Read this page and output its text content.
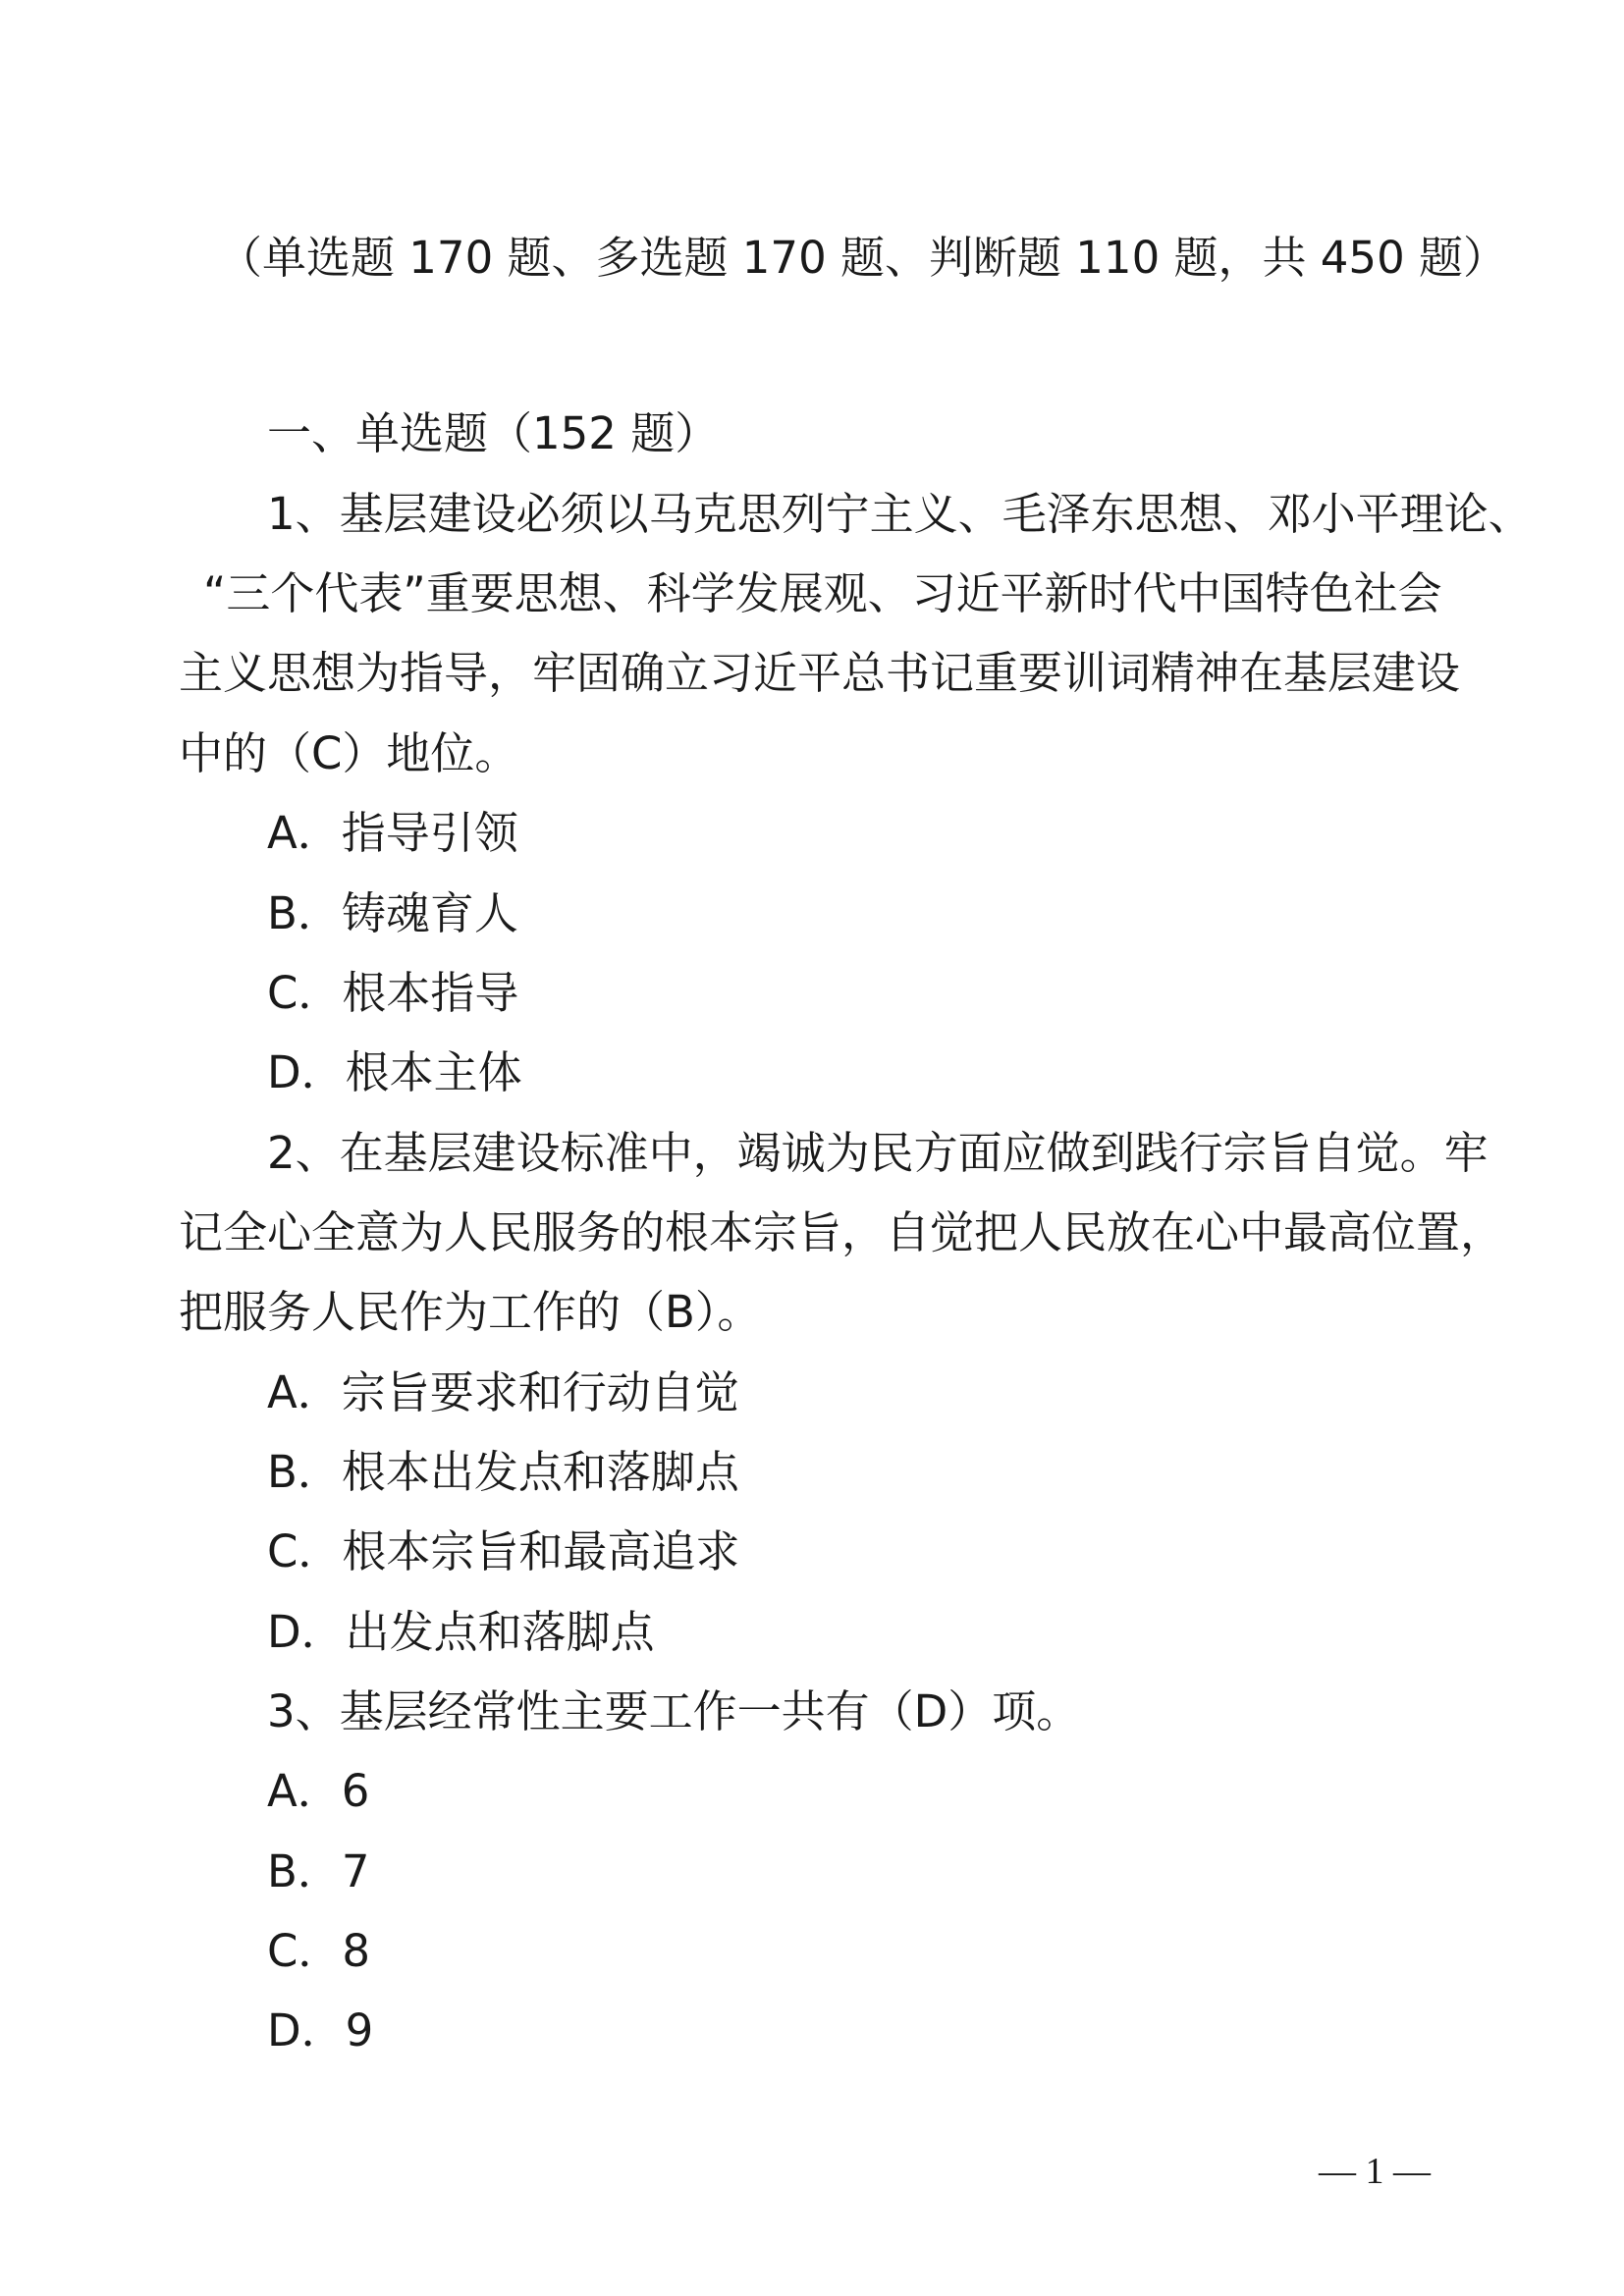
（单选题 170 题、多选题 170 题、判断题 110 题，共 450 题）
一、单选题（152 题）
1、基层建设必须以马克思列宁主义、毛泽东思想、邓小平理论、
“三个代表”重要思想、科学发展观、习近平新时代中国特色社会
主义思想为指导，牢固确立习近平总书记重要训词精神在基层建设
中的（C）地位。
A．指导引领
B．铸魂育人
C．根本指导
D．根本主体
2、在基层建设标准中，竭诚为民方面应做到践行宗旨自觉。牢
记全心全意为人民服务的根本宗旨，自觉把人民放在心中最高位置，
把服务人民作为工作的（B）。
A．宗旨要求和行动自觉
B．根本出发点和落脚点
C．根本宗旨和最高追求
D．出发点和落脚点
3、基层经常性主要工作一共有（D）项。
A．6
B．7
C．8
D．9
— 1 —
